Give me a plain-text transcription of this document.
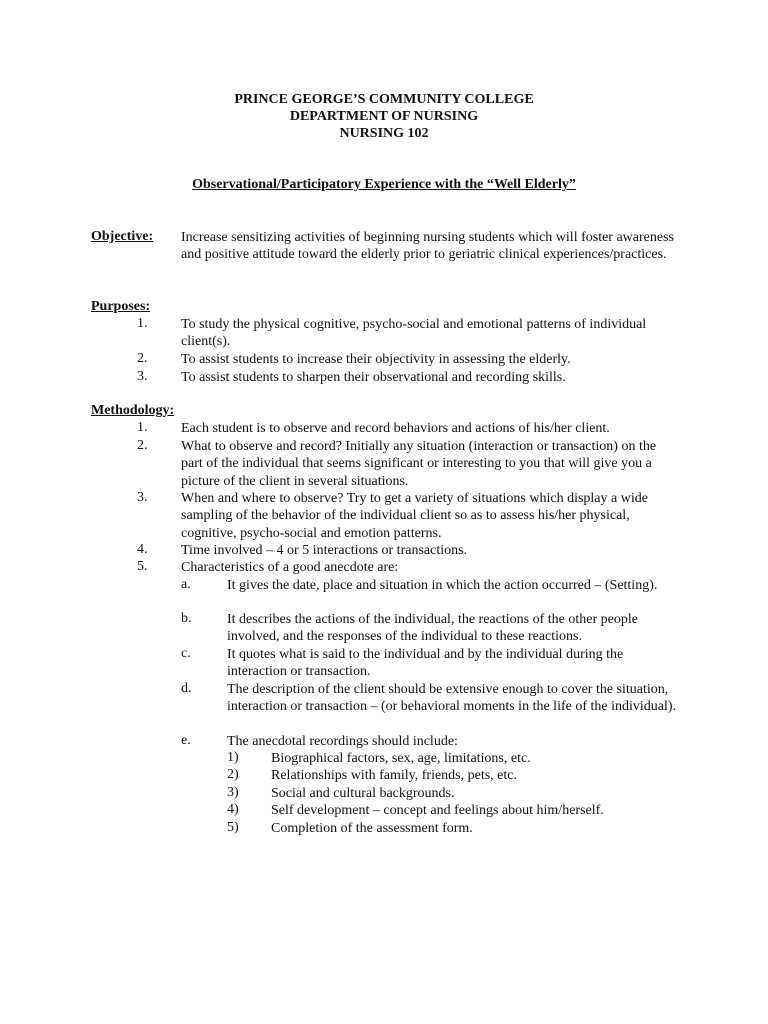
PRINCE GEORGE’S COMMUNITY COLLEGE
DEPARTMENT OF NURSING
NURSING 102
Observational/Participatory Experience with the “Well Elderly”
Objective: Increase sensitizing activities of beginning nursing students which will foster awareness and positive attitude toward the elderly prior to geriatric clinical experiences/practices.
Purposes:
1. To study the physical cognitive, psycho-social and emotional patterns of individual client(s).
2. To assist students to increase their objectivity in assessing the elderly.
3. To assist students to sharpen their observational and recording skills.
Methodology:
1. Each student is to observe and record behaviors and actions of his/her client.
2. What to observe and record? Initially any situation (interaction or transaction) on the part of the individual that seems significant or interesting to you that will give you a picture of the client in several situations.
3. When and where to observe? Try to get a variety of situations which display a wide sampling of the behavior of the individual client so as to assess his/her physical, cognitive, psycho-social and emotion patterns.
4. Time involved – 4 or 5 interactions or transactions.
5. Characteristics of a good anecdote are:
a.	It gives the date, place and situation in which the action occurred – (Setting).
b.	It describes the actions of the individual, the reactions of the other people involved, and the responses of the individual to these reactions.
c.	It quotes what is said to the individual and by the individual during the interaction or transaction.
d.	The description of the client should be extensive enough to cover the situation, interaction or transaction – (or behavioral moments in the life of the individual).
e.	The anecdotal recordings should include:
1) Biographical factors, sex, age, limitations, etc.
2) Relationships with family, friends, pets, etc.
3) Social and cultural backgrounds.
4) Self development – concept and feelings about him/herself.
5) Completion of the assessment form.
